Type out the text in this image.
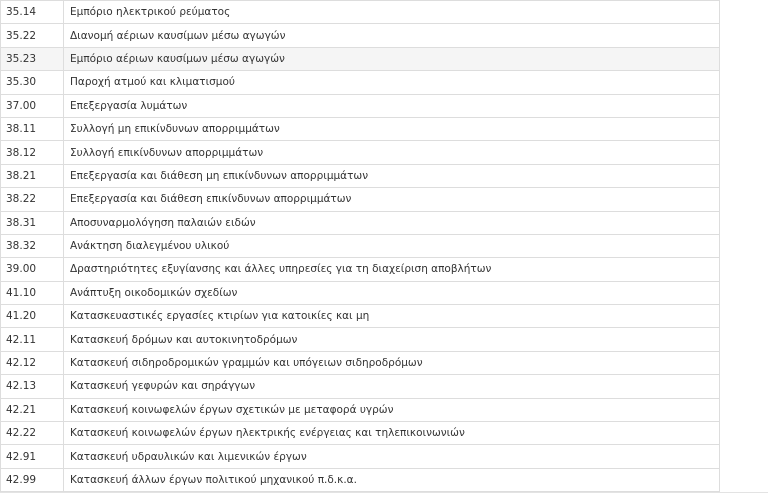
35.14	Εμπόριο ηλεκτρικού ρεύματος
35.22	Διανομή αέριων καυσίμων μέσω αγωγών
35.23	Εμπόριο αέριων καυσίμων μέσω αγωγών
35.30	Παροχή ατμού και κλιματισμού
37.00	Επεξεργασία λυμάτων
38.11	Συλλογή μη επικίνδυνων απορριμμάτων
38.12	Συλλογή επικίνδυνων απορριμμάτων
38.21	Επεξεργασία και διάθεση μη επικίνδυνων απορριμμάτων
38.22	Επεξεργασία και διάθεση επικίνδυνων απορριμμάτων
38.31	Αποσυναρμολόγηση παλαιών ειδών
38.32	Ανάκτηση διαλεγμένου υλικού
39.00	Δραστηριότητες εξυγίανσης και άλλες υπηρεσίες για τη διαχείριση αποβλήτων
41.10	Ανάπτυξη οικοδομικών σχεδίων
41.20	Κατασκευαστικές εργασίες κτιρίων για κατοικίες και μη
42.11	Κατασκευή δρόμων και αυτοκινητοδρόμων
42.12	Κατασκευή σιδηροδρομικών γραμμών και υπόγειων σιδηροδρόμων
42.13	Κατασκευή γεφυρών και σηράγγων
42.21	Κατασκευή κοινωφελών έργων σχετικών με μεταφορά υγρών
42.22	Κατασκευή κοινωφελών έργων ηλεκτρικής ενέργειας και τηλεπικοινωνιών
42.91	Κατασκευή υδραυλικών και λιμενικών έργων
42.99	Κατασκευή άλλων έργων πολιτικού μηχανικού π.δ.κ.α.
